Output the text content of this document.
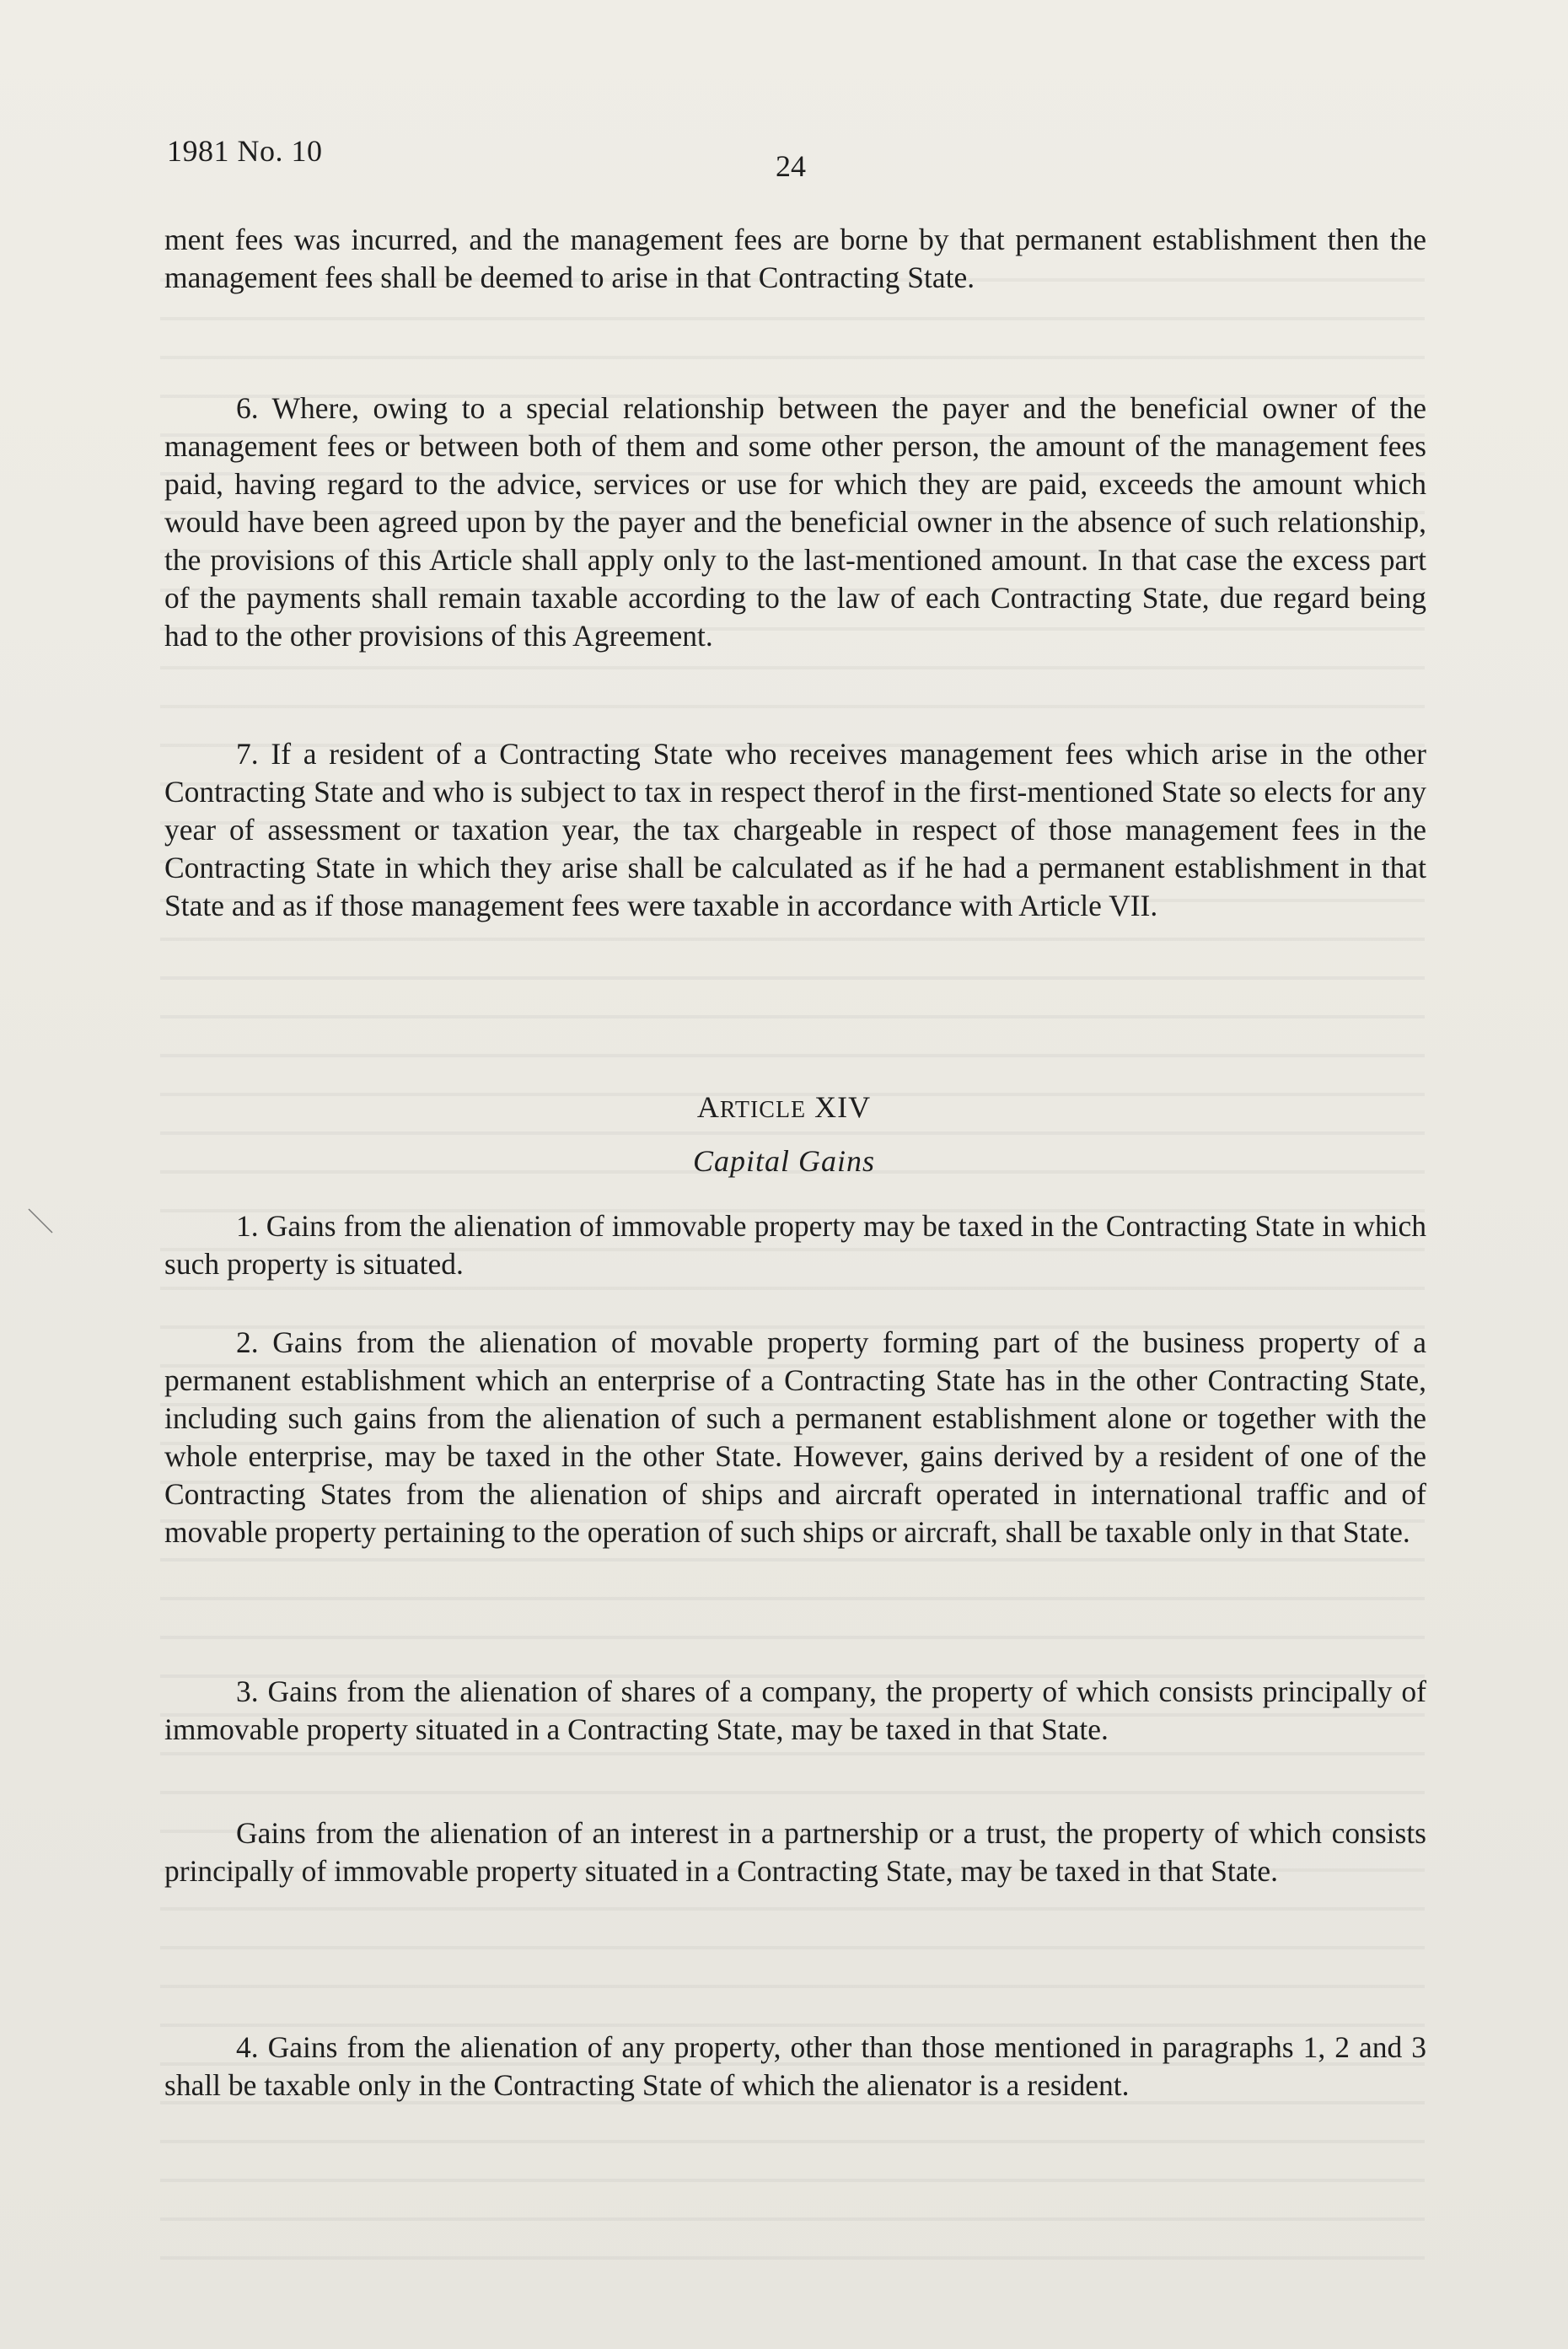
1981 No. 10	24

ment fees was incurred, and the management fees are borne by that permanent establishment then the management fees shall be deemed to arise in that Contracting State.

6. Where, owing to a special relationship between the payer and the beneficial owner of the management fees or between both of them and some other person, the amount of the management fees paid, having regard to the advice, services or use for which they are paid, exceeds the amount which would have been agreed upon by the payer and the beneficial owner in the absence of such relationship, the provisions of this Article shall apply only to the last-mentioned amount. In that case the excess part of the payments shall remain taxable according to the law of each Contracting State, due regard being had to the other provisions of this Agreement.

7. If a resident of a Contracting State who receives management fees which arise in the other Contracting State and who is subject to tax in respect therof in the first-mentioned State so elects for any year of assessment or taxation year, the tax chargeable in respect of those management fees in the Contracting State in which they arise shall be calculated as if he had a permanent establishment in that State and as if those management fees were taxable in accordance with Article VII.

ARTICLE XIV
Capital Gains

1. Gains from the alienation of immovable property may be taxed in the Contracting State in which such property is situated.

2. Gains from the alienation of movable property forming part of the business property of a permanent establishment which an enterprise of a Contracting State has in the other Contracting State, including such gains from the alienation of such a permanent establishment alone or together with the whole enterprise, may be taxed in the other State. However, gains derived by a resident of one of the Contracting States from the alienation of ships and aircraft operated in international traffic and of movable property pertaining to the operation of such ships or aircraft, shall be taxable only in that State.

3. Gains from the alienation of shares of a company, the property of which consists principally of immovable property situated in a Contracting State, may be taxed in that State.

Gains from the alienation of an interest in a partnership or a trust, the property of which consists principally of immovable property situated in a Contracting State, may be taxed in that State.

4. Gains from the alienation of any property, other than those mentioned in paragraphs 1, 2 and 3 shall be taxable only in the Contracting State of which the alienator is a resident.
